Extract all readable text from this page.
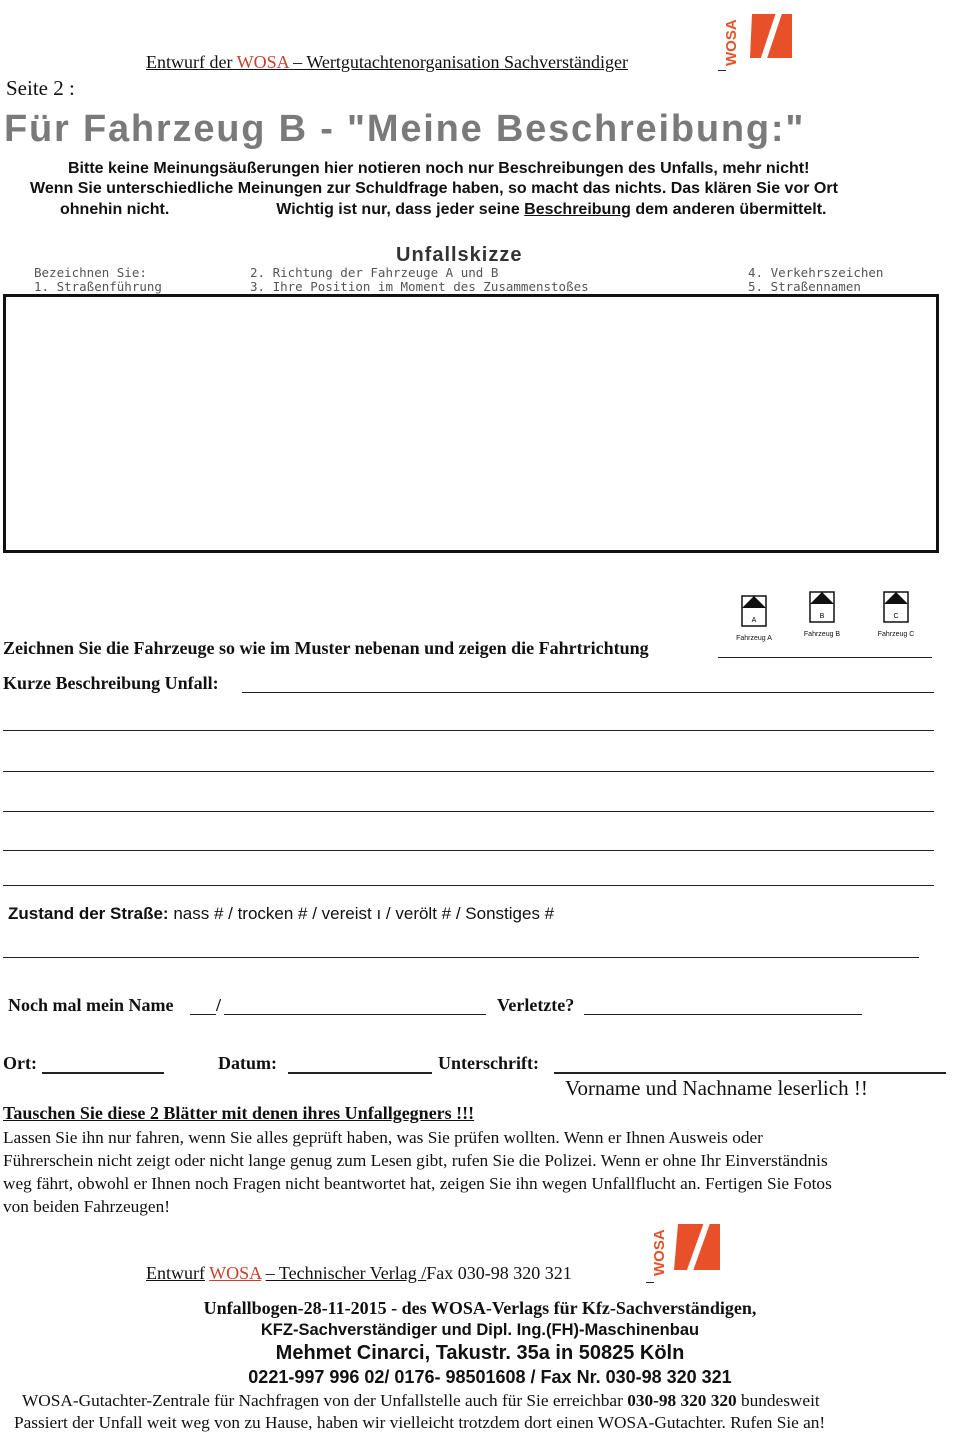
Entwurf der WOSA – Wertgutachtenorganisation Sachverständiger	WOSA
Seite 2 :
Für Fahrzeug B - "Meine Beschreibung:"
Bitte keine Meinungsäußerungen hier notieren noch nur Beschreibungen des Unfalls, mehr nicht!
Wenn Sie unterschiedliche Meinungen zur Schuldfrage haben, so macht das nichts. Das klären Sie vor Ort
ohnehin nicht.	Wichtig ist nur, dass jeder seine Beschreibung dem anderen übermittelt.
Unfallskizze
Bezeichnen Sie:
1. Straßenführung
2. Richtung der Fahrzeuge A und B
3. Ihre Position im Moment des Zusammenstoßes
4. Verkehrszeichen
5. Straßennamen
A
Fahrzeug A
B
Fahrzeug B
C
Fahrzeug C
Zeichnen Sie die Fahrzeuge so wie im Muster nebenan und zeigen die Fahrtrichtung
Kurze Beschreibung Unfall:
Zustand der Straße: nass # / trocken # / vereist ı / verölt # / Sonstiges #
Noch mal mein Name /	Verletzte?
Ort:	Datum:	Unterschrift:
Vorname und Nachname leserlich !!
Tauschen Sie diese 2 Blätter mit denen ihres Unfallgegners !!!
Lassen Sie ihn nur fahren, wenn Sie alles geprüft haben, was Sie prüfen wollten. Wenn er Ihnen Ausweis oder
Führerschein nicht zeigt oder nicht lange genug zum Lesen gibt, rufen Sie die Polizei. Wenn er ohne Ihr Einverständnis
weg fährt, obwohl er Ihnen noch Fragen nicht beantwortet hat, zeigen Sie ihn wegen Unfallflucht an. Fertigen Sie Fotos
von beiden Fahrzeugen!
WOSA
Entwurf WOSA – Technischer Verlag /Fax 030-98 320 321
Unfallbogen-28-11-2015 - des WOSA-Verlags für Kfz-Sachverständigen,
KFZ-Sachverständiger und Dipl. Ing.(FH)-Maschinenbau
Mehmet Cinarci, Takustr. 35a in 50825 Köln
0221-997 996 02/ 0176- 98501608 / Fax Nr. 030-98 320 321
WOSA-Gutachter-Zentrale für Nachfragen von der Unfallstelle auch für Sie erreichbar 030-98 320 320 bundesweit
Passiert der Unfall weit weg von zu Hause, haben wir vielleicht trotzdem dort einen WOSA-Gutachter. Rufen Sie an!
